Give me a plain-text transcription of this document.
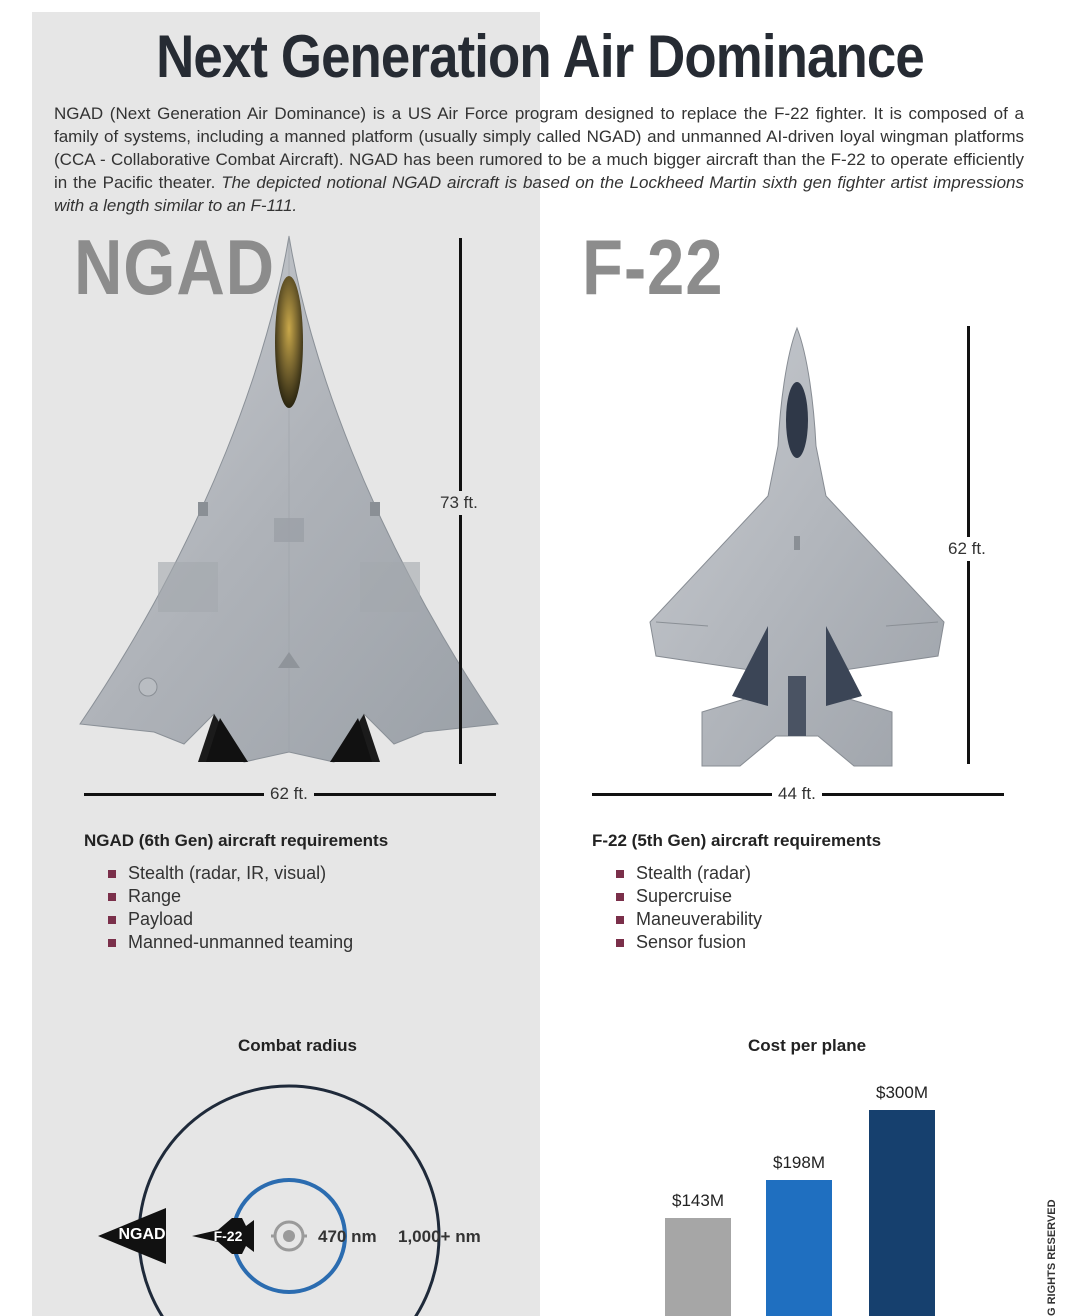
Next Generation Air Dominance

NGAD (Next Generation Air Dominance) is a US Air Force program designed to replace the F-22 fighter. It is composed of a family of systems, including a manned platform (usually simply called NGAD) and unmanned AI-driven loyal wingman platforms (CCA - Collaborative Combat Aircraft). NGAD has been rumored to be a much bigger aircraft than the F-22 to operate efficiently in the Pacific theater. The depicted notional NGAD aircraft is based on the Lockheed Martin sixth gen fighter artist impressions with a length similar to an F-111.

NGAD
73 ft.
62 ft.
NGAD (6th Gen) aircraft requirements
Stealth (radar, IR, visual)
Range
Payload
Manned-unmanned teaming
F-22
62 ft.
44 ft.
F-22 (5th Gen) aircraft requirements
Stealth (radar)
Supercruise
Maneuverability
Sensor fusion
Combat radius
NGAD	F-22	470 nm 1,000+ nm
Cost per plane
$143M
$198M
$300M
G RIGHTS RESERVED
